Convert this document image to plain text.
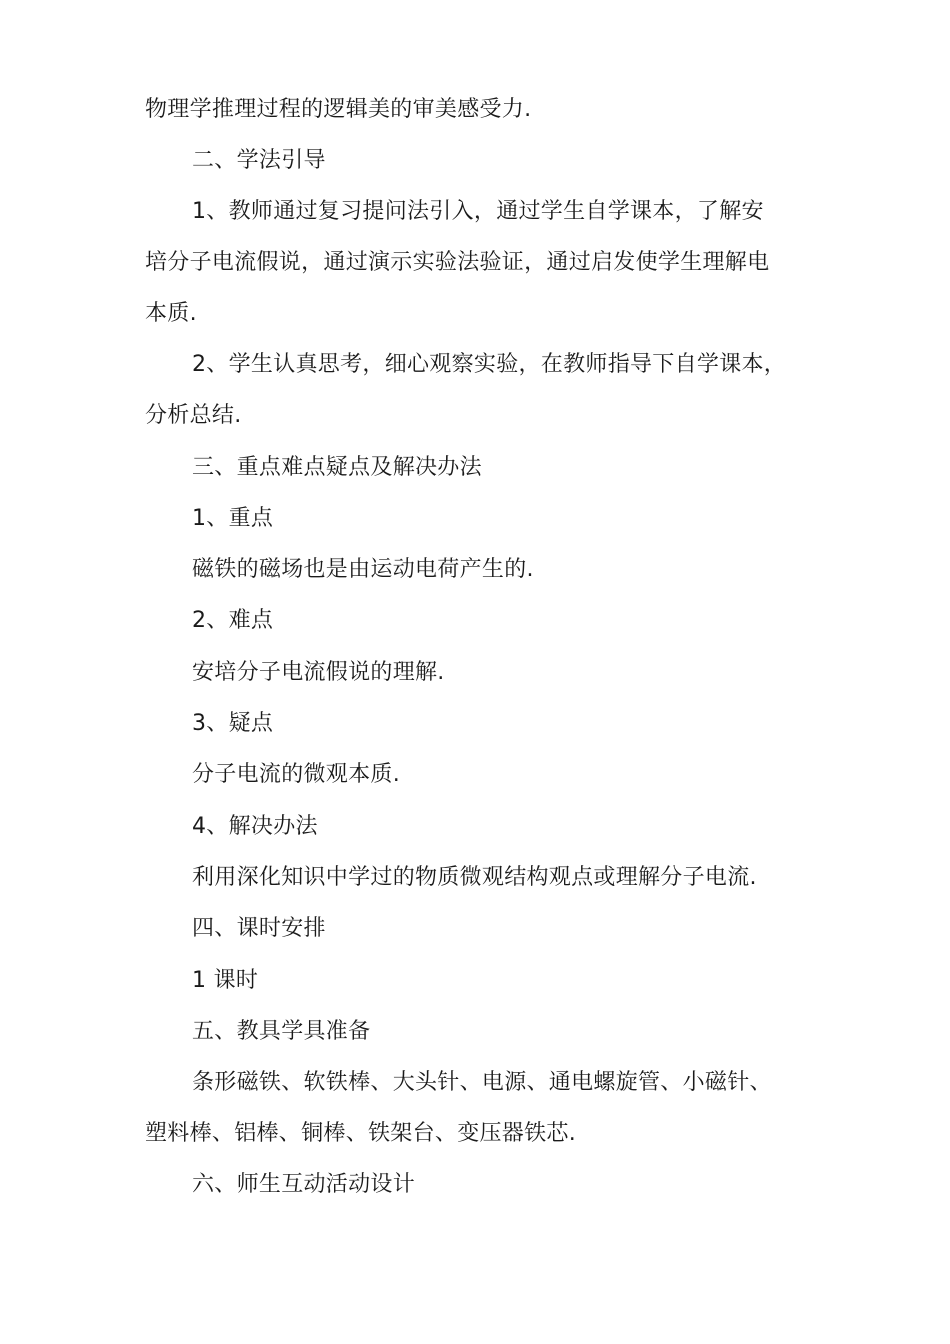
物理学推理过程的逻辑美的审美感受力.
二、学法引导
1、教师通过复习提问法引入，通过学生自学课本，了解安
培分子电流假说，通过演示实验法验证，通过启发使学生理解电
本质.
2、学生认真思考，细心观察实验，在教师指导下自学课本，
分析总结.
三、重点难点疑点及解决办法
1、重点
磁铁的磁场也是由运动电荷产生的.
2、难点
安培分子电流假说的理解.
3、疑点
分子电流的微观本质.
4、解决办法
利用深化知识中学过的物质微观结构观点或理解分子电流.
四、课时安排
1 课时
五、教具学具准备
条形磁铁、软铁棒、大头针、电源、通电螺旋管、小磁针、
塑料棒、铝棒、铜棒、铁架台、变压器铁芯.
六、师生互动活动设计
